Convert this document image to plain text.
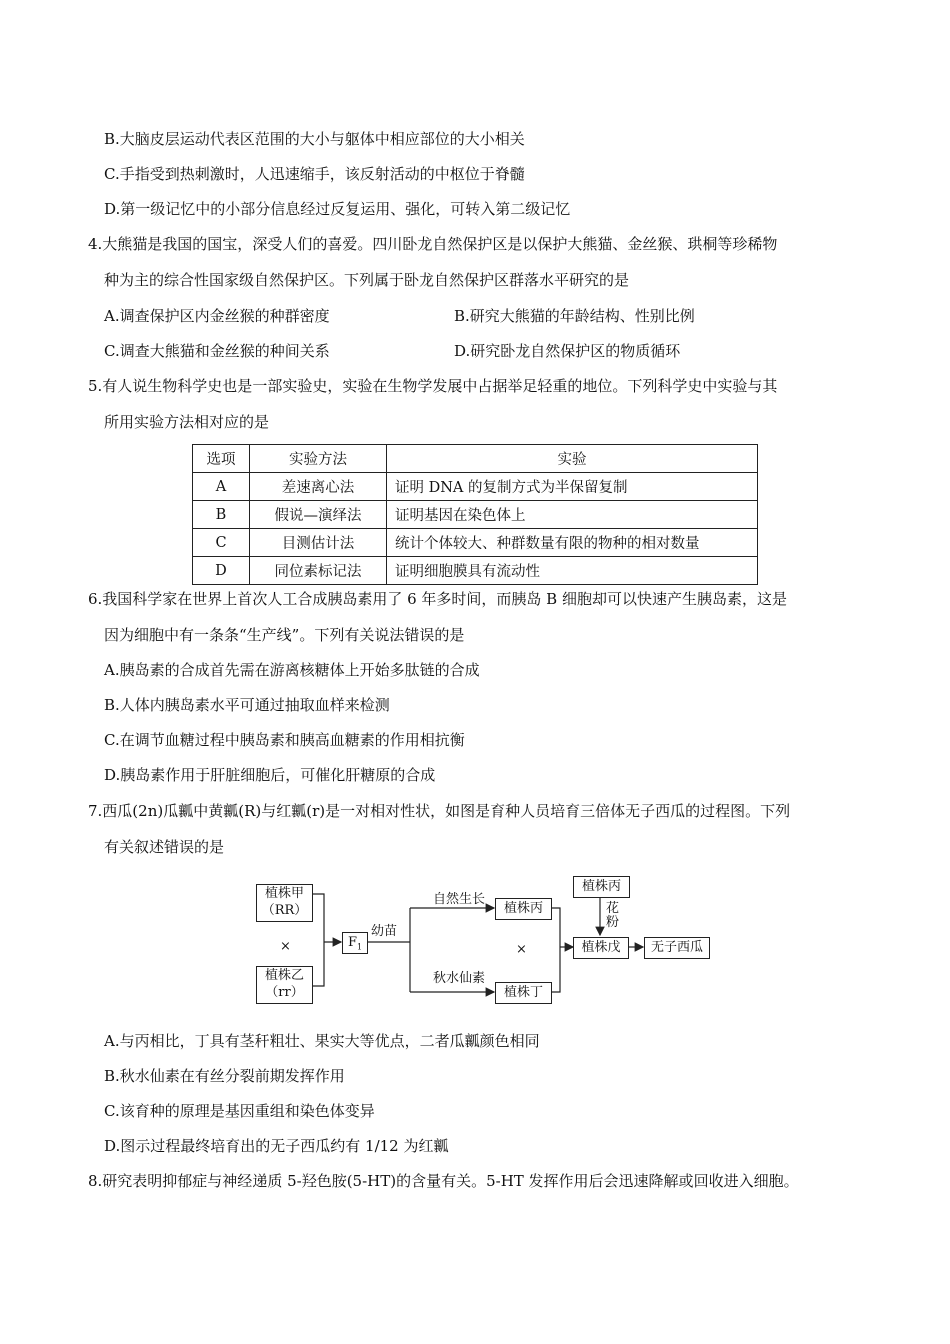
B.大脑皮层运动代表区范围的大小与躯体中相应部位的大小相关
C.手指受到热刺激时，人迅速缩手，该反射活动的中枢位于脊髓
D.第一级记忆中的小部分信息经过反复运用、强化，可转入第二级记忆
4.大熊猫是我国的国宝，深受人们的喜爱。四川卧龙自然保护区是以保护大熊猫、金丝猴、珙桐等珍稀物
种为主的综合性国家级自然保护区。下列属于卧龙自然保护区群落水平研究的是
A.调查保护区内金丝猴的种群密度	B.研究大熊猫的年龄结构、性别比例
C.调查大熊猫和金丝猴的种间关系	D.研究卧龙自然保护区的物质循环
5.有人说生物科学史也是一部实验史，实验在生物学发展中占据举足轻重的地位。下列科学史中实验与其
所用实验方法相对应的是
选项	实验方法	实验
A	差速离心法	证明 DNA 的复制方式为半保留复制
B	假说—演绎法	证明基因在染色体上
C	目测估计法	统计个体较大、种群数量有限的物种的相对数量
D	同位素标记法	证明细胞膜具有流动性
6.我国科学家在世界上首次人工合成胰岛素用了 6 年多时间，而胰岛 B 细胞却可以快速产生胰岛素，这是
因为细胞中有一条条“生产线”。下列有关说法错误的是
A.胰岛素的合成首先需在游离核糖体上开始多肽链的合成
B.人体内胰岛素水平可通过抽取血样来检测
C.在调节血糖过程中胰岛素和胰高血糖素的作用相抗衡
D.胰岛素作用于肝脏细胞后，可催化肝糖原的合成
7.西瓜(2n)瓜瓤中黄瓤(R)与红瓤(r)是一对相对性状，如图是育种人员培育三倍体无子西瓜的过程图。下列
有关叙述错误的是
植株甲
（RR）
×
植株乙
（rr）
$F_1$
幼苗
自然生长
秋水仙素
植株丙
×
植株丁
植株丙
花
粉
植株戊	无子西瓜
A.与丙相比，丁具有茎秆粗壮、果实大等优点，二者瓜瓤颜色相同
B.秋水仙素在有丝分裂前期发挥作用
C.该育种的原理是基因重组和染色体变异
D.图示过程最终培育出的无子西瓜约有 1/12 为红瓤
8.研究表明抑郁症与神经递质 5-羟色胺(5-HT)的含量有关。5-HT 发挥作用后会迅速降解或回收进入细胞。
